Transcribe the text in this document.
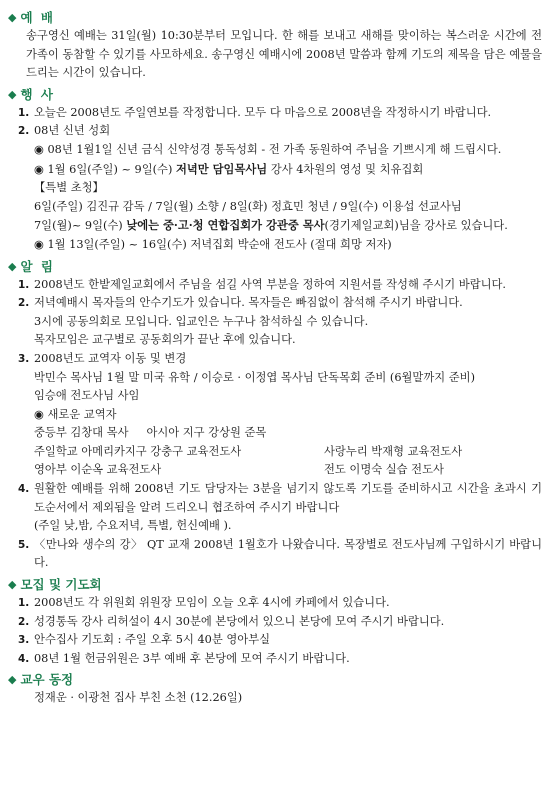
◆ 예 배

송구영신 예배는 31일(월) 10:30분부터 모입니다. 한 해를 보내고 새해를 맞이하는 복스러운 시간에 전 가족이 동참할 수 있기를 사모하세요. 송구영신 예배시에 2008년 말씀과 함께 기도의 제목을 담은 예물을 드리는 시간이 있습니다.

◆ 행 사
1. 오늘은 2008년도 주일연보를 작정합니다. 모두 다 마음으로 2008년을 작정하시기 바랍니다.
2. 08년 신년 성회
◉ 08년 1월1일 신년 금식 신약성경 통독성회 - 전 가족 동원하여 주님을 기쁘시게 해 드립시다.
◉ 1월 6일(주일) ~ 9일(수) 저녁만 담임목사님 강사 4차원의 영성 및 치유집회
【특별 초청】
6일(주일) 김진규 감독 / 7일(월) 소향 / 8일(화) 정효민 청년 / 9일(수) 이용섭 선교사님
7일(월)~ 9일(수) 낮에는 중·고·청 연합집회가 강관중 목사(경기제일교회)님을 강사로 있습니다.
◉ 1월 13일(주일) ~ 16일(수) 저녁집회 박순애 전도사 (절대 희망 저자)
◆ 알 림
1. 2008년도 한밭제일교회에서 주님을 섬길 사역 부분을 정하여 지원서를 작성해 주시기 바랍니다.
2. 저녁예배시 목자들의 안수기도가 있습니다. 목자들은 빠짐없이 참석해 주시기 바랍니다.
3시에 공동의회로 모입니다. 입교인은 누구나 참석하실 수 있습니다.
목자모임은 교구별로 공동회의가 끝난 후에 있습니다.
3. 2008년도 교역자 이동 및 변경
박민수 목사님 1월 말 미국 유학 / 이승로 · 이정엽 목사님 단독목회 준비 (6월말까지 준비)
임승애 전도사님 사임
◉ 새로운 교역자
중등부 김창대 목사     아시아 지구 강상원 준목
주일학교 아메리카지구 강충구 교육전도사	사랑누리 박재형 교육전도사
영아부 이순옥 교육전도사	전도 이명숙 실습 전도사
4. 원활한 예배를 위해 2008년 기도 담당자는 3분을 넘기지 않도록 기도를 준비하시고 시간을 초과시 기도순서에서 제외됨을 알려 드리오니 협조하여 주시기 바랍니다
(주일 낮,밤, 수요저녁, 특별, 헌신예배 ).
5. 〈만나와 생수의 강〉 QT 교재 2008년 1월호가 나왔습니다. 목장별로 전도사님께 구입하시기 바랍니다.
◆ 모집 및 기도회
1. 2008년도 각 위원회 위원장 모임이 오늘 오후 4시에 카페에서 있습니다.
2. 성경통독 강사 리허설이 4시 30분에 본당에서 있으니 본당에 모여 주시기 바랍니다.
3. 안수집사 기도회 : 주일 오후 5시 40분 영아부실
4. 08년 1월 헌금위원은 3부 예배 후 본당에 모여 주시기 바랍니다.
◆ 교우 동정
정재운 · 이광천 집사 부친 소천 (12.26일)
